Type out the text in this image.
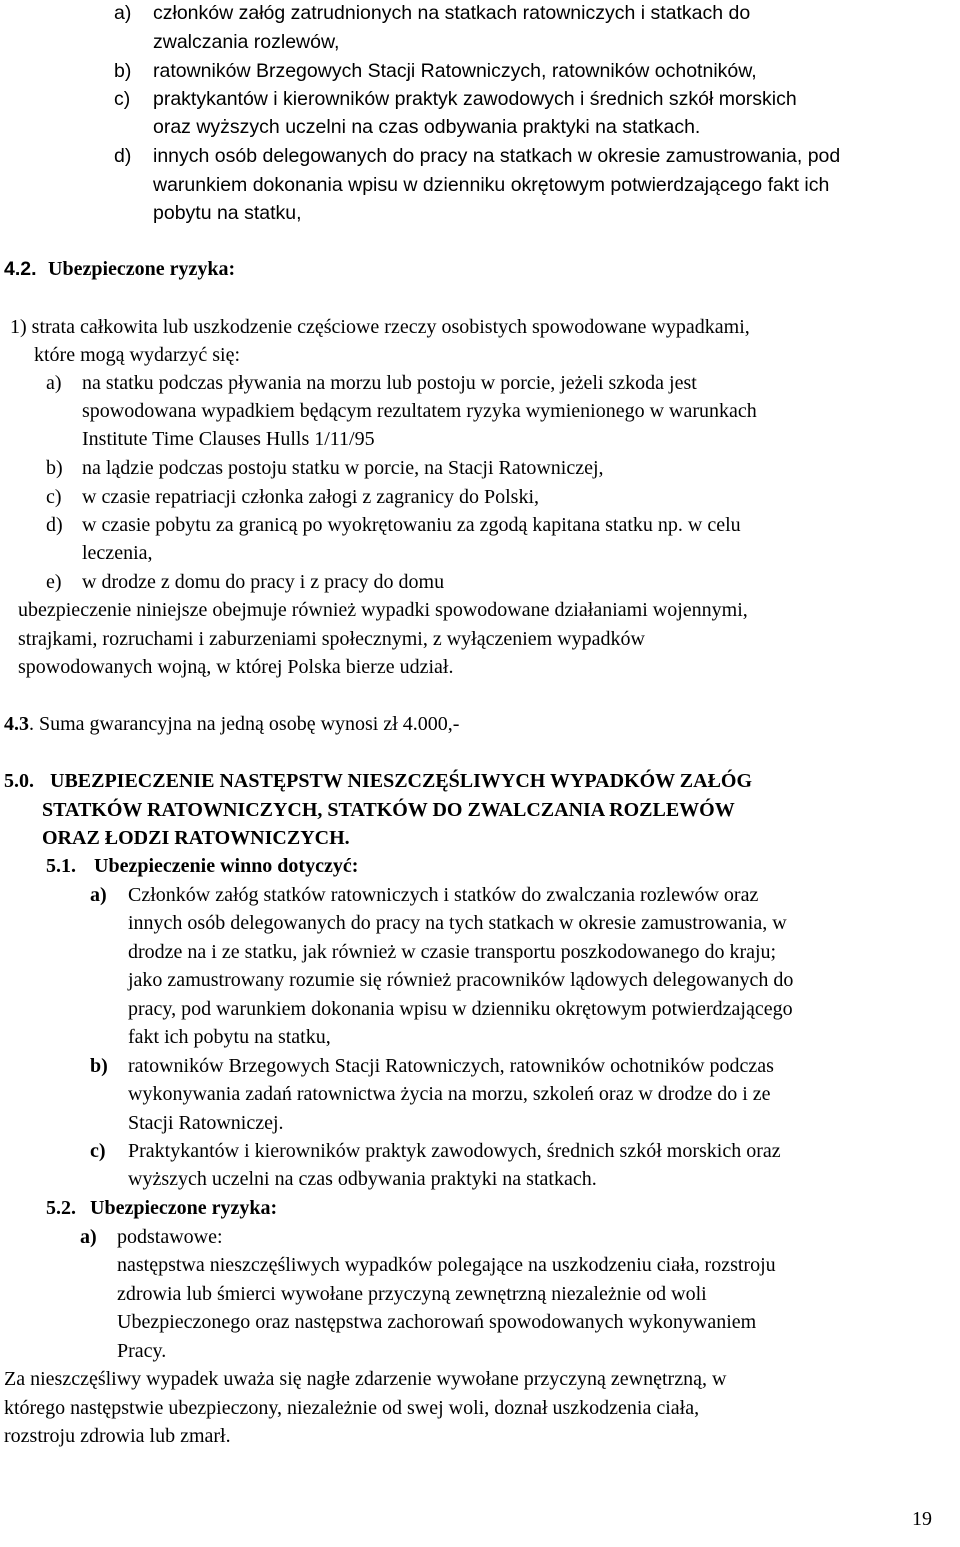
a) członków załóg zatrudnionych na statkach ratowniczych i statkach do
zwalczania rozlewów,
b) ratowników Brzegowych Stacji Ratowniczych, ratowników ochotników,
c) praktykantów i kierowników praktyk zawodowych i średnich szkół morskich
oraz wyższych uczelni na czas odbywania praktyki na statkach.
d) innych osób delegowanych do pracy na statkach w okresie zamustrowania, pod
warunkiem dokonania wpisu w dzienniku okrętowym potwierdzającego fakt ich
pobytu na statku,
4.2. Ubezpieczone ryzyka:
1) strata całkowita lub uszkodzenie częściowe rzeczy osobistych spowodowane wypadkami,
które mogą wydarzyć się:
a) na statku podczas pływania na morzu lub postoju w porcie, jeżeli szkoda jest
spowodowana wypadkiem będącym rezultatem ryzyka wymienionego w warunkach
Institute Time Clauses Hulls 1/11/95
b) na lądzie podczas postoju statku w porcie, na Stacji Ratowniczej,
c) w czasie repatriacji członka załogi z zagranicy do Polski,
d) w czasie pobytu za granicą po wyokrętowaniu za zgodą kapitana statku np. w celu
leczenia,
e) w drodze z domu do pracy i z pracy do domu
ubezpieczenie niniejsze obejmuje również wypadki spowodowane działaniami wojennymi,
strajkami, rozruchami i zaburzeniami społecznymi, z wyłączeniem wypadków
spowodowanych wojną, w której Polska bierze udział.
4.3. Suma gwarancyjna na jedną osobę wynosi zł 4.000,-
5.0. UBEZPIECZENIE NASTĘPSTW NIESZCZĘŚLIWYCH WYPADKÓW ZAŁÓG
STATKÓW RATOWNICZYCH, STATKÓW DO ZWALCZANIA ROZLEWÓW
ORAZ ŁODZI RATOWNICZYCH.
5.1. Ubezpieczenie winno dotyczyć:
a) Członków załóg statków ratowniczych i statków do zwalczania rozlewów oraz
innych osób delegowanych do pracy na tych statkach w okresie zamustrowania, w
drodze na i ze statku, jak również w czasie transportu poszkodowanego do kraju;
jako zamustrowany rozumie się również pracowników lądowych delegowanych do
pracy, pod warunkiem dokonania wpisu w dzienniku okrętowym potwierdzającego
fakt ich pobytu na statku,
b) ratowników Brzegowych Stacji Ratowniczych, ratowników ochotników podczas
wykonywania zadań ratownictwa życia na morzu, szkoleń oraz w drodze do i ze
Stacji Ratowniczej.
c) Praktykantów i kierowników praktyk zawodowych, średnich szkół morskich oraz
wyższych uczelni na czas odbywania praktyki na statkach.
5.2. Ubezpieczone ryzyka:
a) podstawowe:
następstwa nieszczęśliwych wypadków polegające na uszkodzeniu ciała, rozstroju
zdrowia lub śmierci wywołane przyczyną zewnętrzną niezależnie od woli
Ubezpieczonego oraz następstwa zachorowań spowodowanych wykonywaniem
Pracy.
Za nieszczęśliwy wypadek uważa się nagłe zdarzenie wywołane przyczyną zewnętrzną, w
którego następstwie ubezpieczony, niezależnie od swej woli, doznał uszkodzenia ciała,
rozstroju zdrowia lub zmarł.
19
